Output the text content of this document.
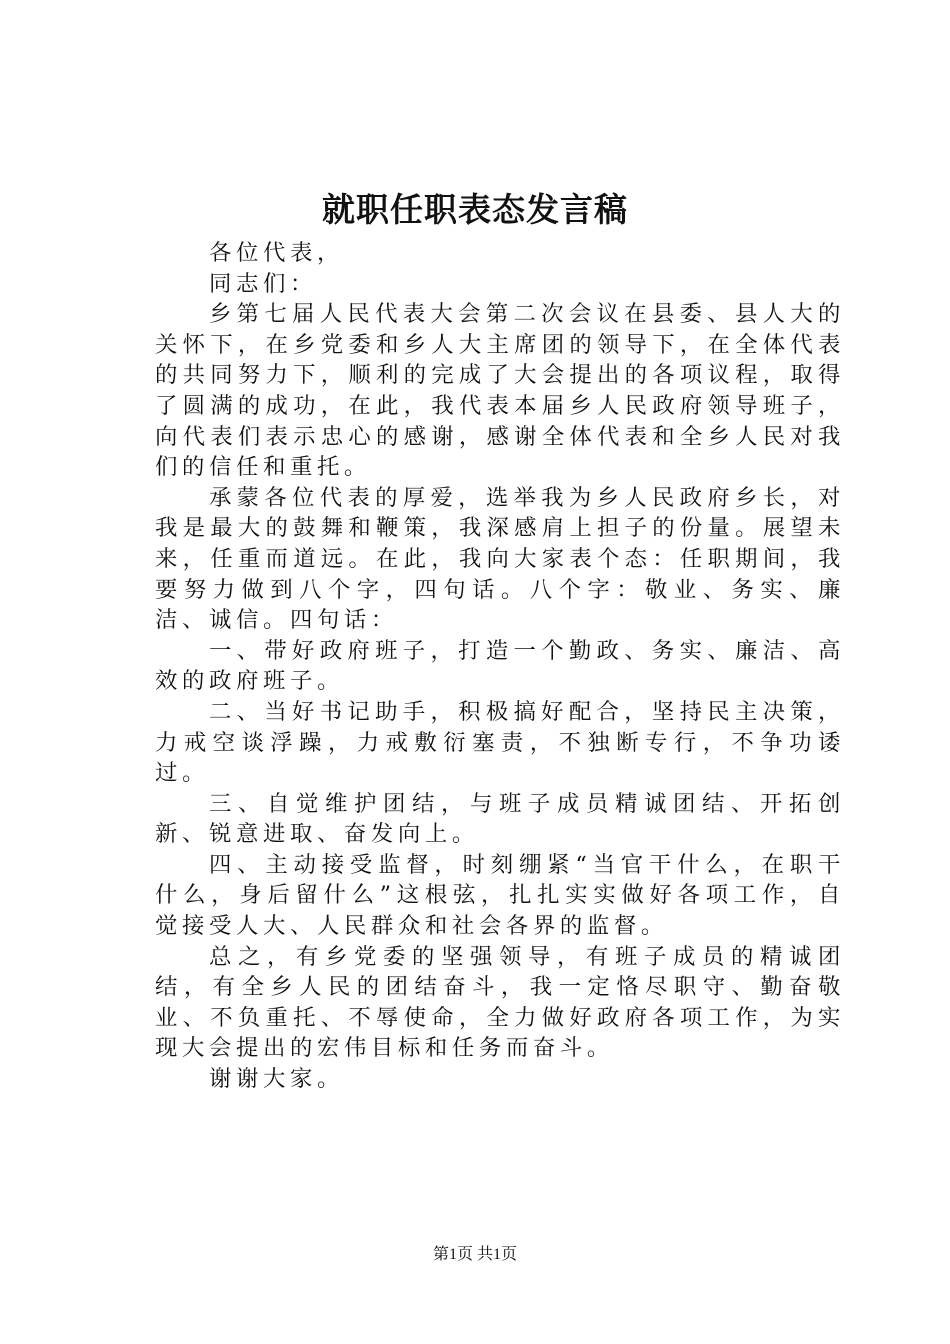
就职任职表态发言稿

各位代表，

同志们：

乡第七届人民代表大会第二次会议在县委、县人大的关怀下，在乡党委和乡人大主席团的领导下，在全体代表的共同努力下，顺利的完成了大会提出的各项议程，取得了圆满的成功，在此，我代表本届乡人民政府领导班子，向代表们表示忠心的感谢，感谢全体代表和全乡人民对我们的信任和重托。

承蒙各位代表的厚爱，选举我为乡人民政府乡长，对我是最大的鼓舞和鞭策，我深感肩上担子的份量。展望未来，任重而道远。在此，我向大家表个态：任职期间，我要努力做到八个字，四句话。八个字：敬业、务实、廉洁、诚信。四句话：

一、带好政府班子，打造一个勤政、务实、廉洁、高效的政府班子。

二、当好书记助手，积极搞好配合，坚持民主决策，力戒空谈浮躁，力戒敷衍塞责，不独断专行，不争功诿过。

三、自觉维护团结，与班子成员精诚团结、开拓创新、锐意进取、奋发向上。

四、主动接受监督，时刻绷紧“当官干什么，在职干什么，身后留什么”这根弦，扎扎实实做好各项工作，自觉接受人大、人民群众和社会各界的监督。

总之，有乡党委的坚强领导，有班子成员的精诚团结，有全乡人民的团结奋斗，我一定恪尽职守、勤奋敬业、不负重托、不辱使命，全力做好政府各项工作，为实现大会提出的宏伟目标和任务而奋斗。

谢谢大家。

第1页 共1页
